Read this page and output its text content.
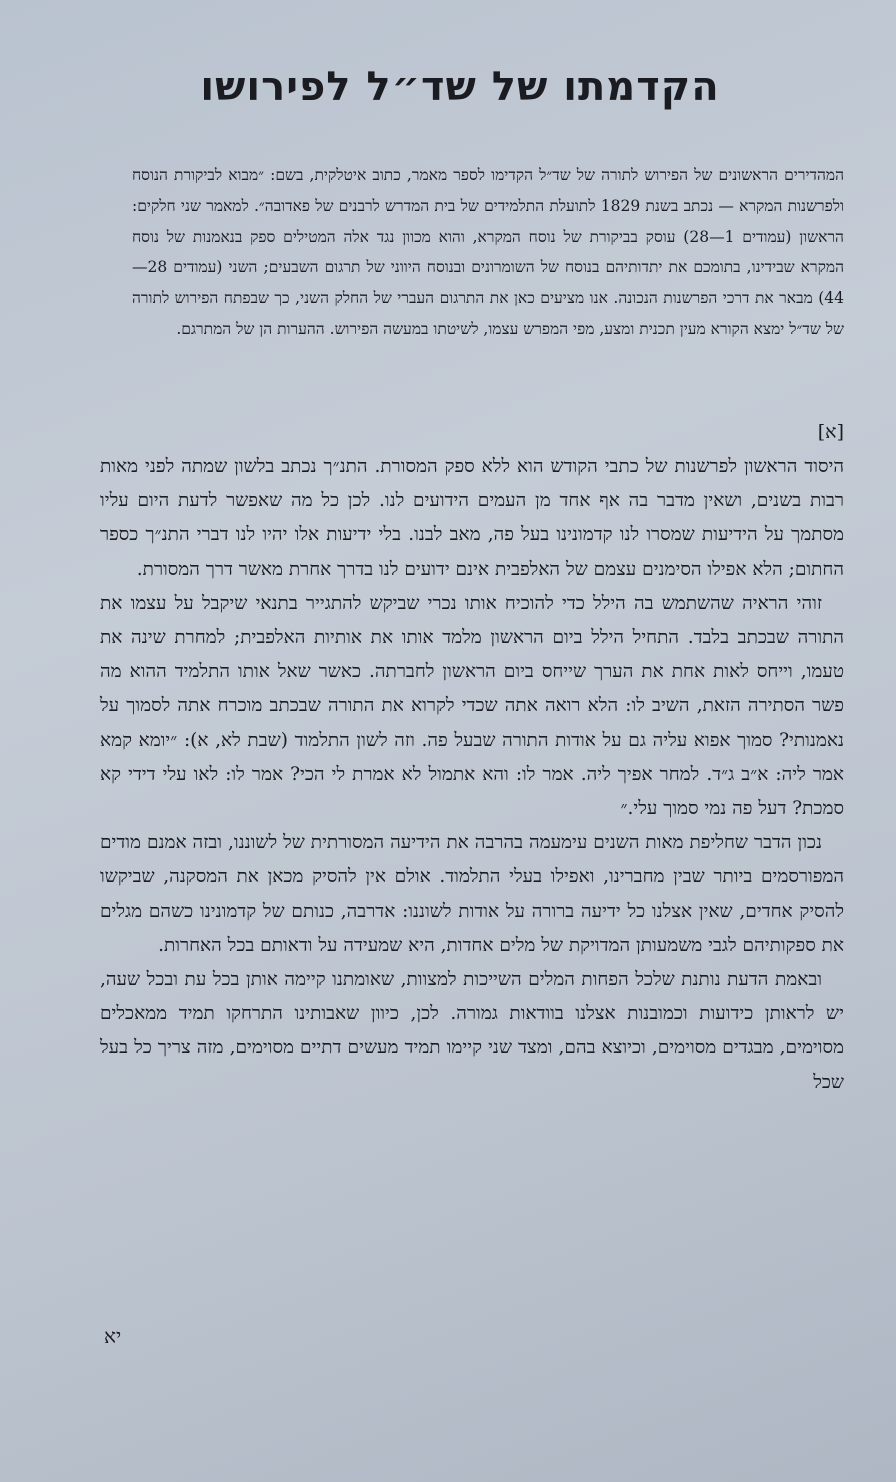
הקדמתו של שד״ל לפירושו

המהדירים הראשונים של הפירוש לתורה של שד״ל הקדימו לספר מאמר, כתוב איטלקית, בשם: ״מבוא לביקורת הנוסח ולפרשנות המקרא — נכתב בשנת 1829 לתועלת התלמידים של בית המדרש לרבנים של פאדובה״. למאמר שני חלקים: הראשון (עמודים 1—28) עוסק בביקורת של נוסח המקרא, והוא מכוון נגד אלה המטילים ספק בנאמנות של נוסח המקרא שבידינו, בתומכם את יתדותיהם בנוסח של השומרונים ובנוסח היווני של תרגום השבעים; השני (עמודים 28—44) מבאר את דרכי הפרשנות הנכונה. אנו מציעים כאן את התרגום העברי של החלק השני, כך שבפתח הפירוש לתורה של שד״ל ימצא הקורא מעין תכנית ומצע, מפי המפרש עצמו, לשיטתו במעשה הפירוש. ההערות הן של המתרגם.

[א]

היסוד הראשון לפרשנות של כתבי הקודש הוא ללא ספק המסורת. התנ״ך נכתב בלשון שמתה לפני מאות רבות בשנים, ושאין מדבר בה אף אחד מן העמים הידועים לנו. לכן כל מה שאפשר לדעת היום עליו מסתמך על הידיעות שמסרו לנו קדמונינו בעל פה, מאב לבנו. בלי ידיעות אלו יהיו לנו דברי התנ״ך כספר החתום; הלא אפילו הסימנים עצמם של האלפבית אינם ידועים לנו בדרך אחרת מאשר דרך המסורת.

זוהי הראיה שהשתמש בה הילל כדי להוכיח אותו נכרי שביקש להתגייר בתנאי שיקבל על עצמו את התורה שבכתב בלבד. התחיל הילל ביום הראשון מלמד אותו את אותיות האלפבית; למחרת שינה את טעמו, וייחס לאות אחת את הערך שייחס ביום הראשון לחברתה. כאשר שאל אותו התלמיד ההוא מה פשר הסתירה הזאת, השיב לו: הלא רואה אתה שכדי לקרוא את התורה שבכתב מוכרח אתה לסמוך על נאמנותי? סמוך אפוא עליה גם על אודות התורה שבעל פה. וזה לשון התלמוד (שבת לא, א): ״יומא קמא אמר ליה: א״ב ג״ד. למחר אפיך ליה. אמר לו: והא אתמול לא אמרת לי הכי? אמר לו: לאו עלי דידי קא סמכת? דעל פה נמי סמוך עלי.״

נכון הדבר שחליפת מאות השנים עימעמה בהרבה את הידיעה המסורתית של לשוננו, ובזה אמנם מודים המפורסמים ביותר שבין מחברינו, ואפילו בעלי התלמוד. אולם אין להסיק מכאן את המסקנה, שביקשו להסיק אחדים, שאין אצלנו כל ידיעה ברורה על אודות לשוננו: אדרבה, כנותם של קדמונינו כשהם מגלים את ספקותיהם לגבי משמעותן המדויקת של מלים אחדות, היא שמעידה על ודאותם בכל האחרות.

ובאמת הדעת נותנת שלכל הפחות המלים השייכות למצוות, שאומתנו קיימה אותן בכל עת ובכל שעה, יש לראותן כידועות וכמובנות אצלנו בוודאות גמורה. לכן, כיוון שאבותינו התרחקו תמיד ממאכלים מסוימים, מבגדים מסוימים, וכיוצא בהם, ומצד שני קיימו תמיד מעשים דתיים מסוימים, מזה צריך כל בעל שכל

יא
